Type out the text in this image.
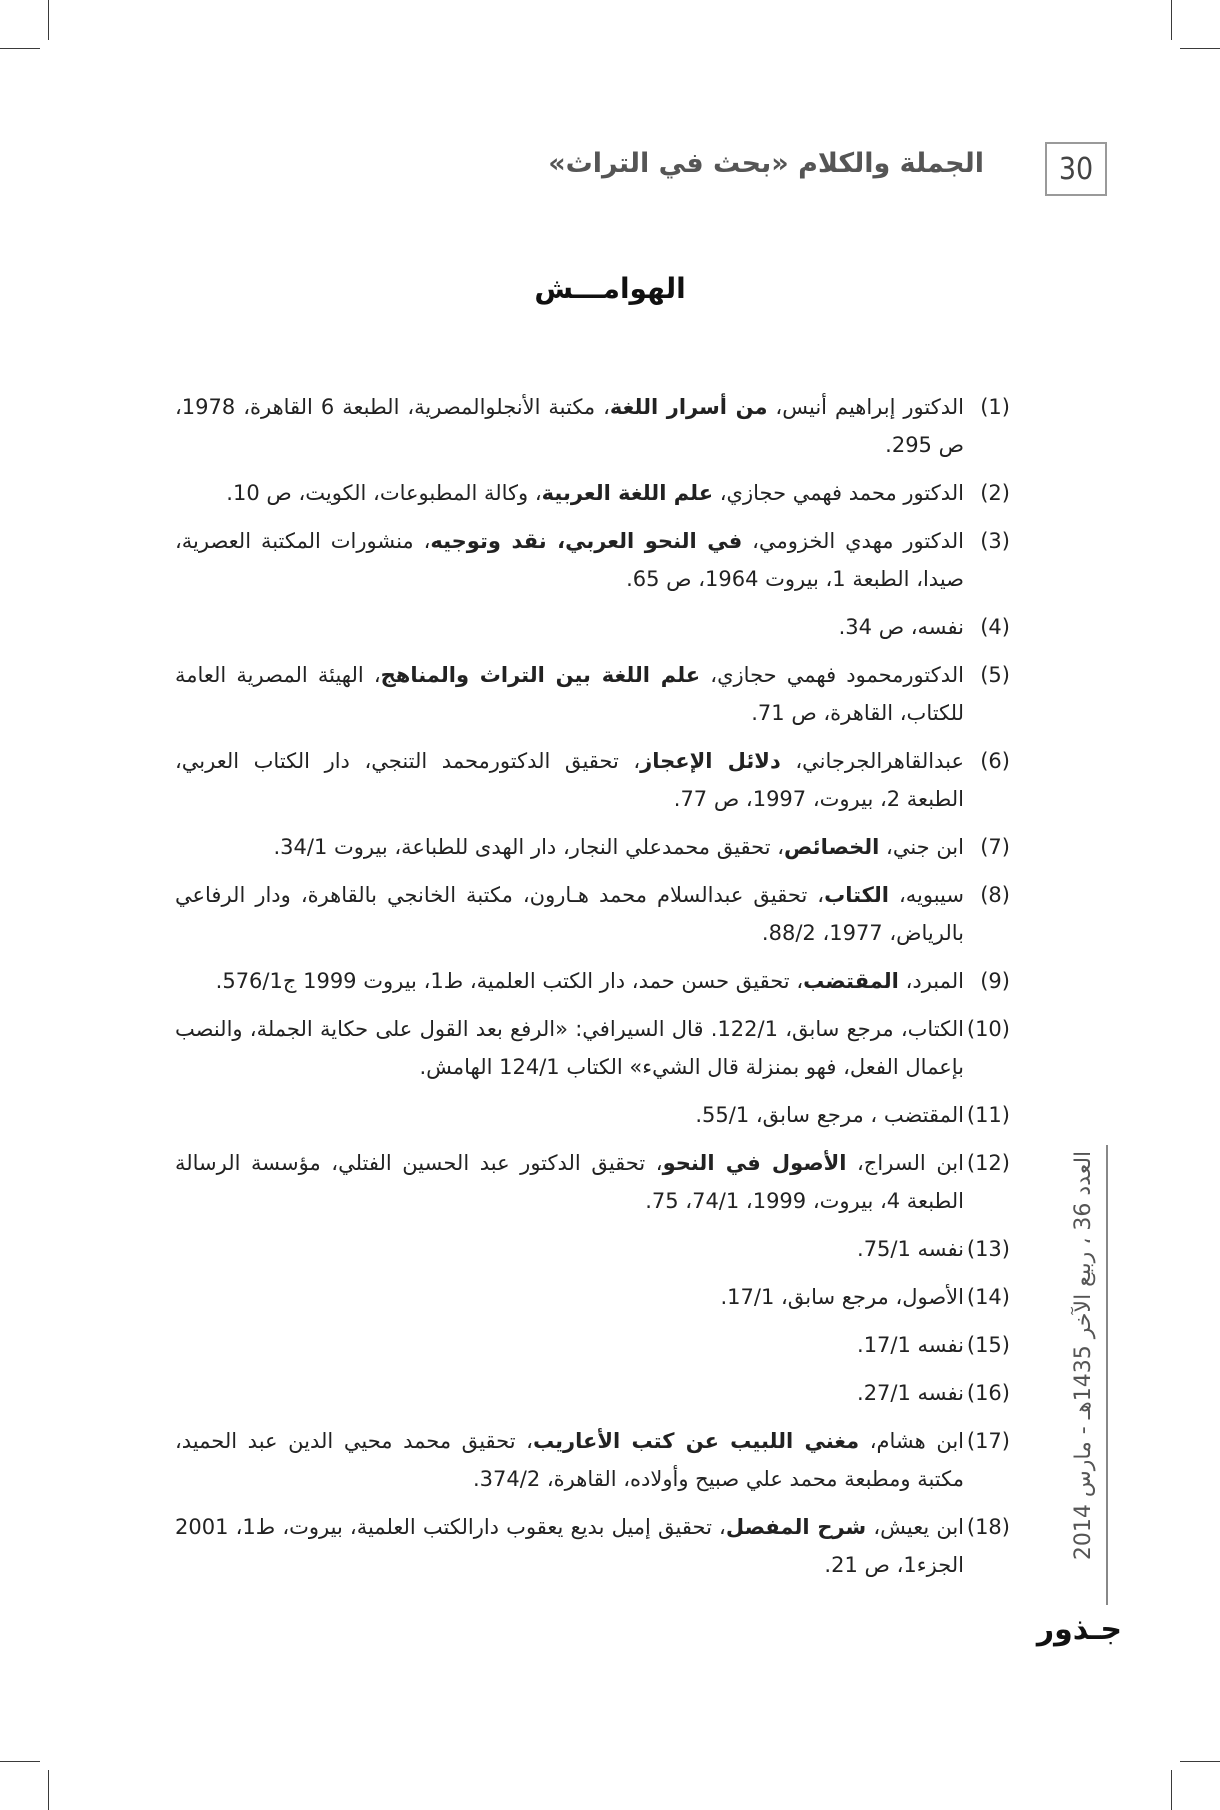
30
الجملة والكلام «بحث في التراث»
الهوامـــش
(1)
الدكتور إبراهيم أنيس، من أسرار اللغة، مكتبة الأنجلوالمصرية، الطبعة 6 القاهرة، 1978، ص 295.
(2)
الدكتور محمد فهمي حجازي، علم اللغة العربية، وكالة المطبوعات، الكويت، ص 10.
(3)
الدكتور مهدي الخزومي، في النحو العربي، نقد وتوجيه، منشورات المكتبة العصرية، صيدا، الطبعة 1، بيروت 1964، ص 65.
(4)
نفسه، ص 34.
(5)
الدكتورمحمود فهمي حجازي، علم اللغة بين التراث والمناهج، الهيئة المصرية العامة للكتاب، القاهرة، ص 71.
(6)
عبدالقاهرالجرجاني، دلائل الإعجاز، تحقيق الدكتورمحمد التنجي، دار الكتاب العربي، الطبعة 2، بيروت، 1997، ص 77.
(7)
ابن جني، الخصائص، تحقيق محمدعلي النجار، دار الهدى للطباعة، بيروت 34/1.
(8)
سيبويه، الكتاب، تحقيق عبدالسلام محمد هـارون، مكتبة الخانجي بالقاهرة، ودار الرفاعي بالرياض، 1977، 88/2.
(9)
المبرد، المقتضب، تحقيق حسن حمد، دار الكتب العلمية، ط1، بيروت 1999 ج576/1.
(10)
الكتاب، مرجع سابق، 122/1. قال السيرافي: «الرفع بعد القول على حكاية الجملة، والنصب بإعمال الفعل، فهو بمنزلة قال الشيء» الكتاب 124/1 الهامش.
(11)
المقتضب ، مرجع سابق، 55/1.
(12)
ابن السراج، الأصول في النحو، تحقيق الدكتور عبد الحسين الفتلي، مؤسسة الرسالة الطبعة 4، بيروت، 1999، 74/1، 75.
(13)
نفسه 75/1.
(14)
الأصول، مرجع سابق، 17/1.
(15)
نفسه 17/1.
(16)
نفسه 27/1.
(17)
ابن هشام، مغني اللبيب عن كتب الأعاريب، تحقيق محمد محيي الدين عبد الحميد، مكتبة ومطبعة محمد علي صبيح وأولاده، القاهرة، 374/2.
(18)
ابن يعيش، شرح المفصل، تحقيق إميل بديع يعقوب دارالكتب العلمية، بيروت، ط1، 2001 الجزء1، ص 21.
العدد 36 ، ربيع الآخر 1435هـ - مارس 2014
جـذور
